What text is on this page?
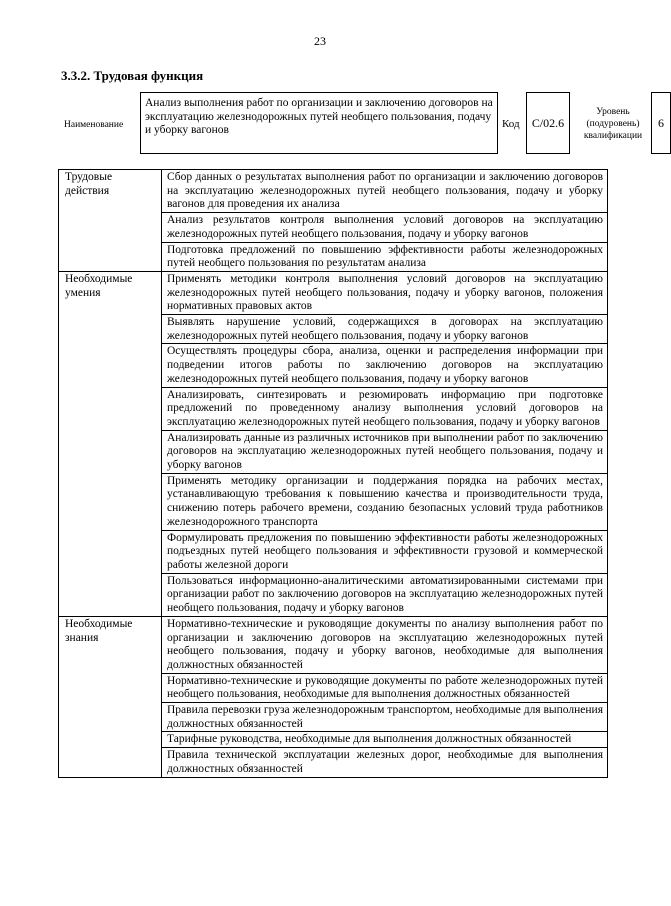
23
3.3.2. Трудовая функция
Наименование
Анализ выполнения работ по организации и заключению договоров на эксплуатацию железнодорожных путей необщего пользования, подачу и уборку вагонов	Код	С/02.6
Уровень (подуровень) квалификации
6
Трудовые действия	Сбор данных о результатах выполнения работ по организации и заключению договоров на эксплуатацию железнодорожных путей необщего пользования, подачу и уборку вагонов для проведения их анализа
	Анализ результатов контроля выполнения условий договоров на эксплуатацию железнодорожных путей необщего пользования, подачу и уборку вагонов
	Подготовка предложений по повышению эффективности работы железнодорожных путей необщего пользования по результатам анализа
Необходимые умения	Применять методики контроля выполнения условий договоров на эксплуатацию железнодорожных путей необщего пользования, подачу и уборку вагонов, положения нормативных правовых актов
	Выявлять нарушение условий, содержащихся в договорах на эксплуатацию железнодорожных путей необщего пользования, подачу и уборку вагонов
	Осуществлять процедуры сбора, анализа, оценки и распределения информации при подведении итогов работы по заключению договоров на эксплуатацию железнодорожных путей необщего пользования, подачу и уборку вагонов
	Анализировать, синтезировать и резюмировать информацию при подготовке предложений по проведенному анализу выполнения условий договоров на эксплуатацию железнодорожных путей необщего пользования, подачу и уборку вагонов
	Анализировать данные из различных источников при выполнении работ по заключению договоров на эксплуатацию железнодорожных путей необщего пользования, подачу и уборку вагонов
	Применять методику организации и поддержания порядка на рабочих местах, устанавливающую требования к повышению качества и производительности труда, снижению потерь рабочего времени, созданию безопасных условий труда работников железнодорожного транспорта
	Формулировать предложения по повышению эффективности работы железнодорожных подъездных путей необщего пользования и эффективности грузовой и коммерческой работы железной дороги
	Пользоваться информационно-аналитическими автоматизированными системами при организации работ по заключению договоров на эксплуатацию железнодорожных путей необщего пользования, подачу и уборку вагонов
Необходимые знания	Нормативно-технические и руководящие документы по анализу выполнения работ по организации и заключению договоров на эксплуатацию железнодорожных путей необщего пользования, подачу и уборку вагонов, необходимые для выполнения должностных обязанностей
	Нормативно-технические и руководящие документы по работе железнодорожных путей необщего пользования, необходимые для выполнения должностных обязанностей
	Правила перевозки груза железнодорожным транспортом, необходимые для выполнения должностных обязанностей
	Тарифные руководства, необходимые для выполнения должностных обязанностей
	Правила технической эксплуатации железных дорог, необходимые для выполнения должностных обязанностей
